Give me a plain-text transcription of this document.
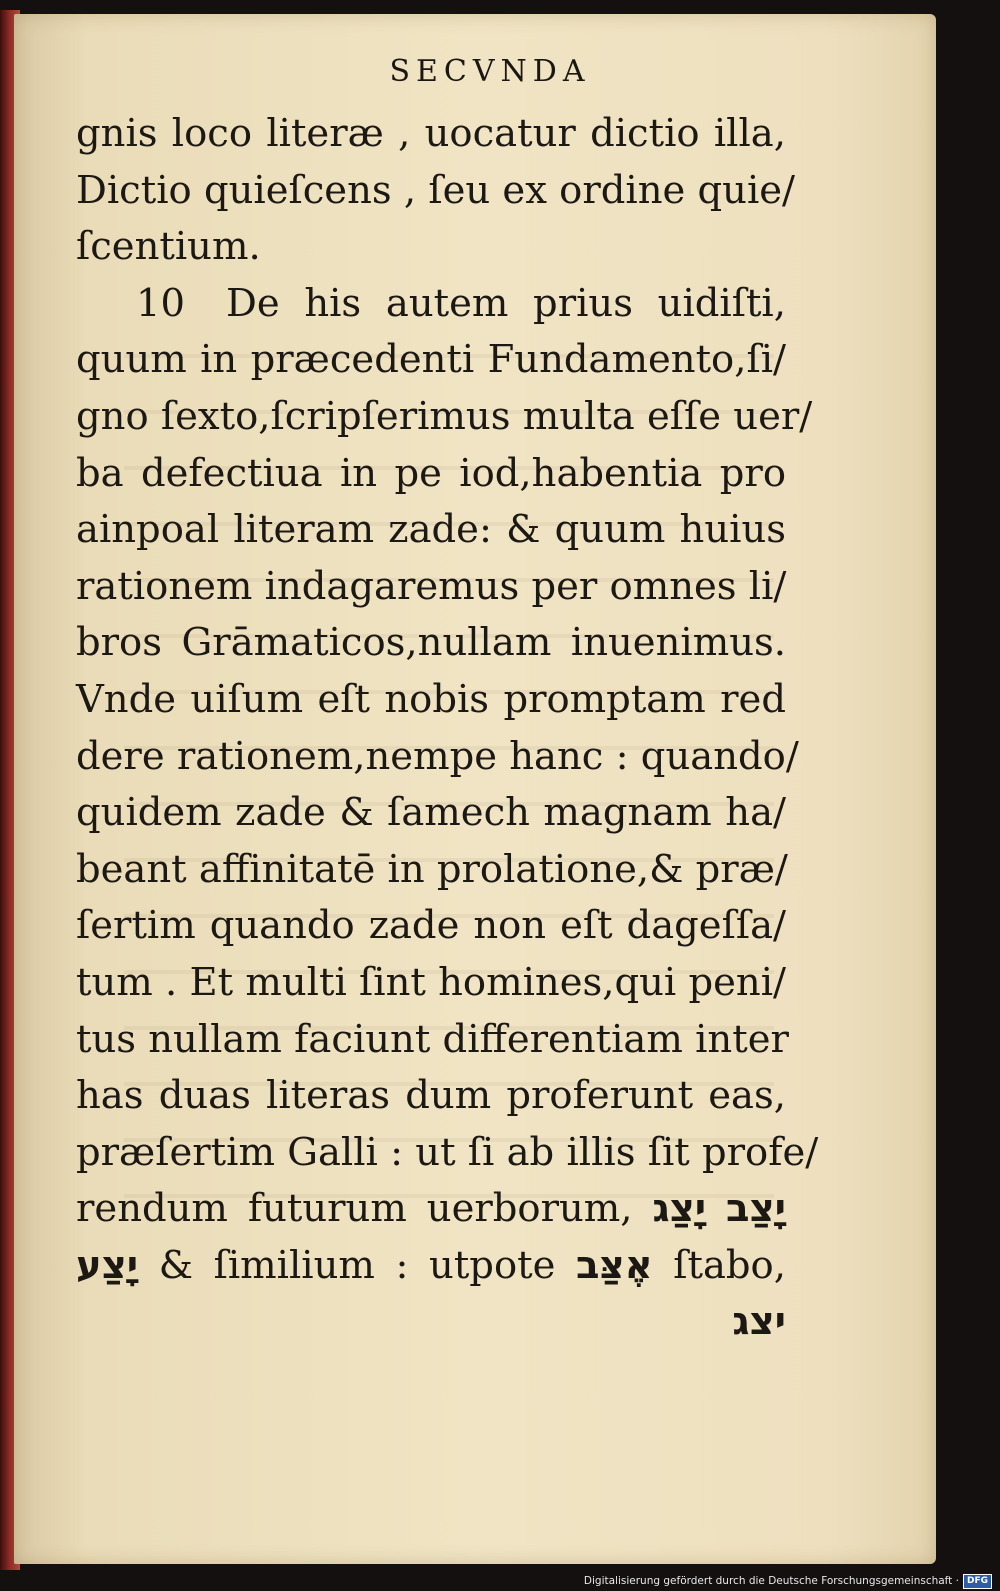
SECVNDA
gnis loco literæ , uocatur dictio illa,
Dictio quieſcens , ſeu ex ordine quie/
ſcentium.
10 De his autem prius uidiſti,
quum in præcedenti Fundamento,ſi/
gno ſexto,ſcripſerimus multa eſſe uer/
ba defectiua in pe iod,habentia pro
ainpoal literam zade: & quum huius
rationem indagaremus per omnes li/
bros Grāmaticos,nullam inuenimus.
Vnde uiſum eſt nobis promptam red
dere rationem,nempe hanc : quando/
quidem zade & ſamech magnam ha/
beant affinitatē in prolatione,& præ/
ſertim quando zade non eſt dageſſa/
tum . Et multi ſint homines,qui peni/
tus nullam faciunt differentiam inter
has duas literas dum proferunt eas,
præſertim Galli : ut ſi ab illis ſit profe/
rendum futurum uerborum, יָצַג יָצַב
יָצַע & ſimilium : utpote אֶצַּב ſtabo,
יצג
Digitalisierung gefördert durch die Deutsche Forschungsgemeinschaft · DFG
